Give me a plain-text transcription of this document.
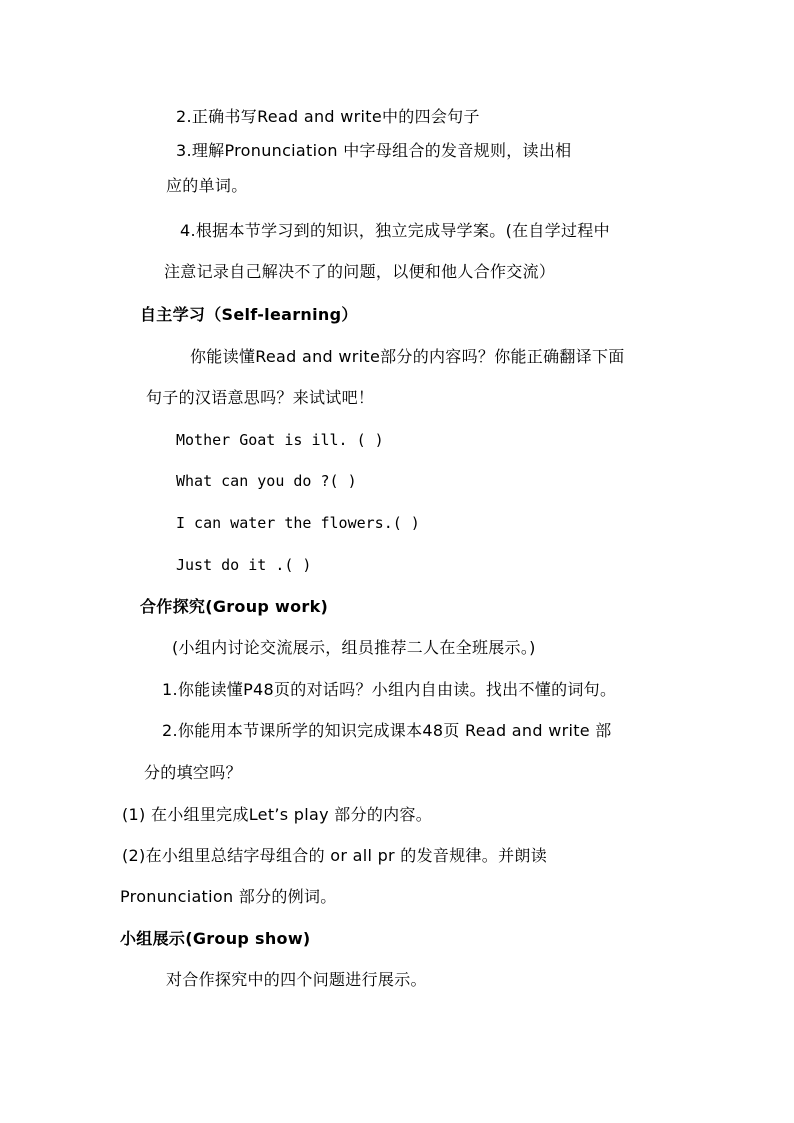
2.正确书写Read and write中的四会句子
3.理解Pronunciation 中字母组合的发音规则，读出相
应的单词。
4.根据本节学习到的知识，独立完成导学案。(在自学过程中
注意记录自己解决不了的问题，以便和他人合作交流）
自主学习（Self-learning）
你能读懂Read and write部分的内容吗？你能正确翻译下面
句子的汉语意思吗？来试试吧！
Mother Goat is ill. ( )
What can you do ?( )
I can water the flowers.( )
Just do it .( )
合作探究(Group work)
(小组内讨论交流展示，组员推荐二人在全班展示。)
1.你能读懂P48页的对话吗？小组内自由读。找出不懂的词句。
2.你能用本节课所学的知识完成课本48页 Read and write 部
分的填空吗？
(1) 在小组里完成Let’s play 部分的内容。
(2)在小组里总结字母组合的 or all pr 的发音规律。并朗读
Pronunciation 部分的例词。
小组展示(Group show)
对合作探究中的四个问题进行展示。
